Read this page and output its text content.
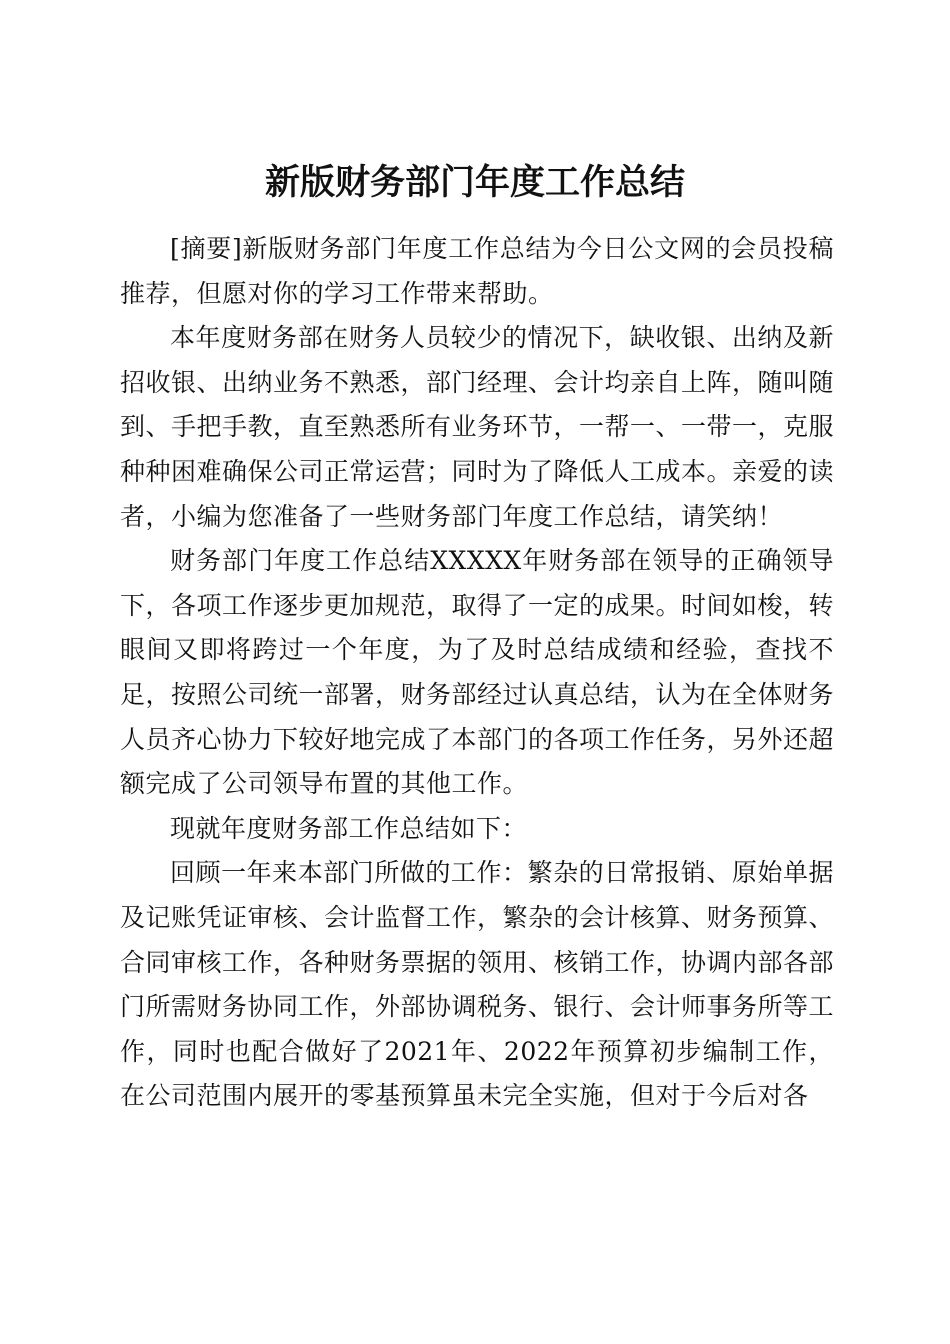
新版财务部门年度工作总结

[摘要]新版财务部门年度工作总结为今日公文网的会员投稿推荐，但愿对你的学习工作带来帮助。

本年度财务部在财务人员较少的情况下，缺收银、出纳及新招收银、出纳业务不熟悉，部门经理、会计均亲自上阵，随叫随到、手把手教，直至熟悉所有业务环节，一帮一、一带一，克服种种困难确保公司正常运营；同时为了降低人工成本。亲爱的读者，小编为您准备了一些财务部门年度工作总结，请笑纳！

财务部门年度工作总结XXXXX年财务部在领导的正确领导下，各项工作逐步更加规范，取得了一定的成果。时间如梭，转眼间又即将跨过一个年度，为了及时总结成绩和经验，查找不足，按照公司统一部署，财务部经过认真总结，认为在全体财务人员齐心协力下较好地完成了本部门的各项工作任务，另外还超额完成了公司领导布置的其他工作。

现就年度财务部工作总结如下：

回顾一年来本部门所做的工作：繁杂的日常报销、原始单据及记账凭证审核、会计监督工作，繁杂的会计核算、财务预算、合同审核工作，各种财务票据的领用、核销工作，协调内部各部门所需财务协同工作，外部协调税务、银行、会计师事务所等工作，同时也配合做好了2021年、2022年预算初步编制工作，在公司范围内展开的零基预算虽未完全实施，但对于今后对各
